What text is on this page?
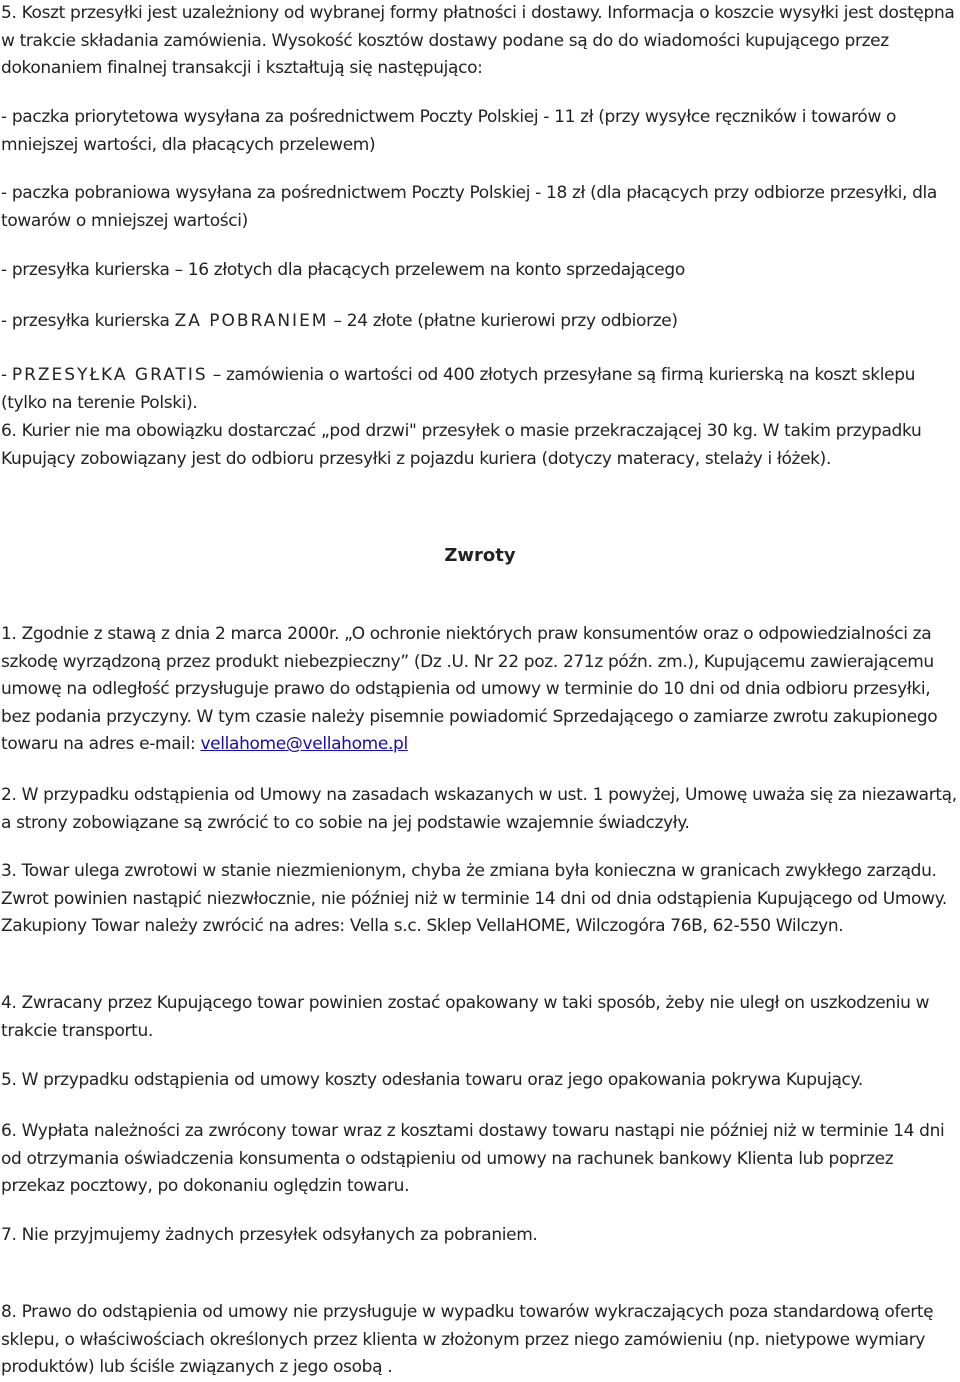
5. Koszt przesyłki jest uzależniony od wybranej formy płatności i dostawy. Informacja o koszcie wysyłki jest dostępna w trakcie składania zamówienia. Wysokość kosztów dostawy podane są do do wiadomości kupującego przez dokonaniem finalnej transakcji i kształtują się następująco:

- paczka priorytetowa wysyłana za pośrednictwem Poczty Polskiej - 11 zł (przy wysyłce ręczników i towarów o mniejszej wartości, dla płacących przelewem)

- paczka pobraniowa wysyłana za pośrednictwem Poczty Polskiej - 18 zł (dla płacących przy odbiorze przesyłki, dla towarów o mniejszej wartości)

- przesyłka kurierska – 16 złotych dla płacących przelewem na konto sprzedającego

- przesyłka kurierska ZA POBRANIEM – 24 złote (płatne kurierowi przy odbiorze)

- PRZESYŁKA GRATIS – zamówienia o wartości od 400 złotych przesyłane są firmą kurierską na koszt sklepu (tylko na terenie Polski).

6. Kurier nie ma obowiązku dostarczać „pod drzwi" przesyłek o masie przekraczającej 30 kg. W takim przypadku Kupujący zobowiązany jest do odbioru przesyłki z pojazdu kuriera (dotyczy materacy, stelaży i łóżek).

Zwroty

1. Zgodnie z stawą z dnia 2 marca 2000r. „O ochronie niektórych praw konsumentów oraz o odpowiedzialności za szkodę wyrządzoną przez produkt niebezpieczny” (Dz .U. Nr 22 poz. 271z późn. zm.), Kupującemu zawierającemu umowę na odległość przysługuje prawo do odstąpienia od umowy w terminie do 10 dni od dnia odbioru przesyłki, bez podania przyczyny. W tym czasie należy pisemnie powiadomić Sprzedającego o zamiarze zwrotu zakupionego towaru na adres e-mail: vellahome@vellahome.pl

2. W przypadku odstąpienia od Umowy na zasadach wskazanych w ust. 1 powyżej, Umowę uważa się za niezawartą, a strony zobowiązane są zwrócić to co sobie na jej podstawie wzajemnie świadczyły.

3. Towar ulega zwrotowi w stanie niezmienionym, chyba że zmiana była konieczna w granicach zwykłego zarządu. Zwrot powinien nastąpić niezwłocznie, nie później niż w terminie 14 dni od dnia odstąpienia Kupującego od Umowy. Zakupiony Towar należy zwrócić na adres: Vella s.c. Sklep VellaHOME, Wilczogóra 76B, 62-550 Wilczyn.

4. Zwracany przez Kupującego towar powinien zostać opakowany w taki sposób, żeby nie uległ on uszkodzeniu w trakcie transportu.

5. W przypadku odstąpienia od umowy koszty odesłania towaru oraz jego opakowania pokrywa Kupujący.

6. Wypłata należności za zwrócony towar wraz z kosztami dostawy towaru nastąpi nie później niż w terminie 14 dni od otrzymania oświadczenia konsumenta o odstąpieniu od umowy na rachunek bankowy Klienta lub poprzez przekaz pocztowy, po dokonaniu oględzin towaru.

7. Nie przyjmujemy żadnych przesyłek odsyłanych za pobraniem.

8. Prawo do odstąpienia od umowy nie przysługuje w wypadku towarów wykraczających poza standardową ofertę sklepu, o właściwościach określonych przez klienta w złożonym przez niego zamówieniu (np. nietypowe wymiary produktów) lub ściśle związanych z jego osobą .
